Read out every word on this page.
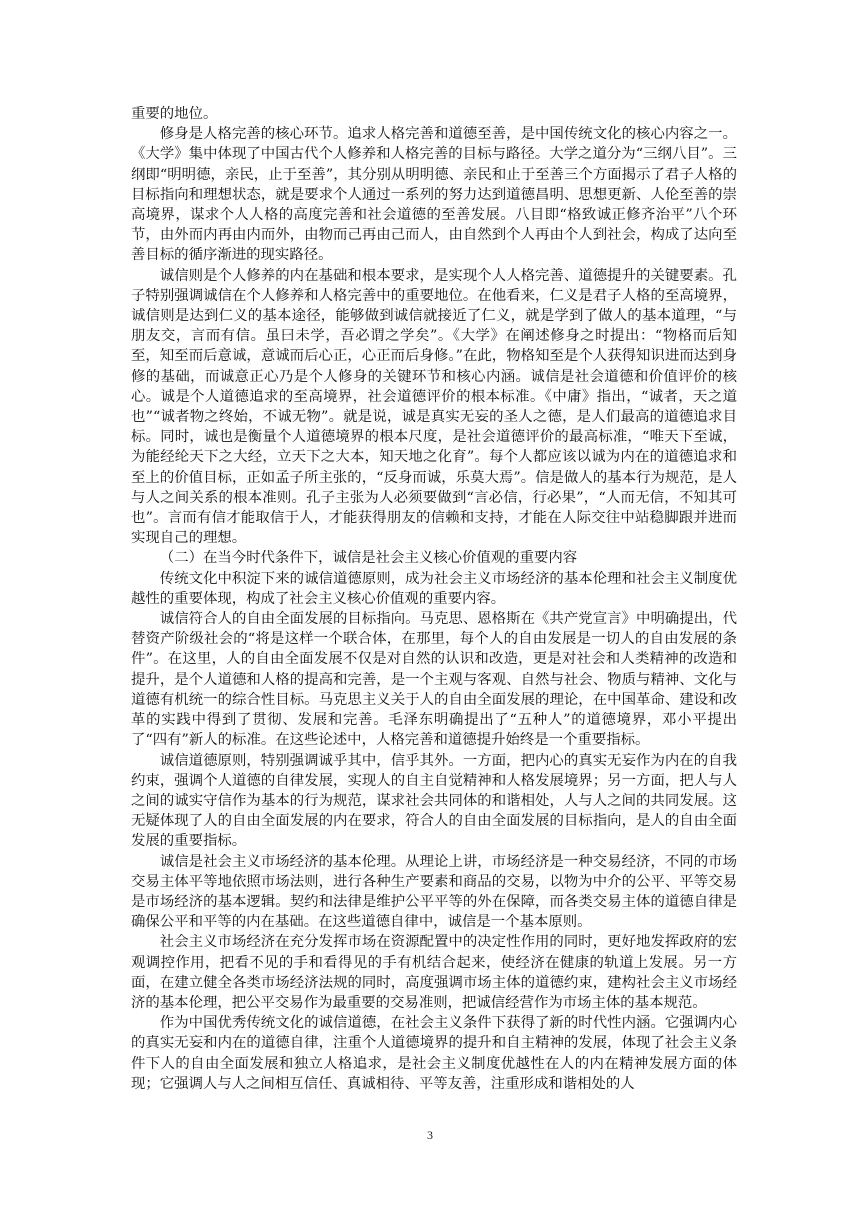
重要的地位。

修身是人格完善的核心环节。追求人格完善和道德至善，是中国传统文化的核心内容之一。《大学》集中体现了中国古代个人修养和人格完善的目标与路径。大学之道分为“三纲八目”。三纲即“明明德，亲民，止于至善”，其分别从明明德、亲民和止于至善三个方面揭示了君子人格的目标指向和理想状态，就是要求个人通过一系列的努力达到道德昌明、思想更新、人伦至善的崇高境界，谋求个人人格的高度完善和社会道德的至善发展。八目即“格致诚正修齐治平”八个环节，由外而内再由内而外，由物而己再由己而人，由自然到个人再由个人到社会，构成了达向至善目标的循序渐进的现实路径。

诚信则是个人修养的内在基础和根本要求，是实现个人人格完善、道德提升的关键要素。孔子特别强调诚信在个人修养和人格完善中的重要地位。在他看来，仁义是君子人格的至高境界，诚信则是达到仁义的基本途径，能够做到诚信就接近了仁义，就是学到了做人的基本道理，“与朋友交，言而有信。虽曰未学，吾必谓之学矣”。《大学》在阐述修身之时提出：“物格而后知至，知至而后意诚，意诚而后心正，心正而后身修。”在此，物格知至是个人获得知识进而达到身修的基础，而诚意正心乃是个人修身的关键环节和核心内涵。诚信是社会道德和价值评价的核心。诚是个人道德追求的至高境界，社会道德评价的根本标准。《中庸》指出，“诚者，天之道也”“诚者物之终始，不诚无物”。就是说，诚是真实无妄的圣人之德，是人们最高的道德追求目标。同时，诚也是衡量个人道德境界的根本尺度，是社会道德评价的最高标准，“唯天下至诚，为能经纶天下之大经，立天下之大本，知天地之化育”。每个人都应该以诚为内在的道德追求和至上的价值目标，正如孟子所主张的，“反身而诚，乐莫大焉”。信是做人的基本行为规范，是人与人之间关系的根本准则。孔子主张为人必须要做到“言必信，行必果”，“人而无信，不知其可也”。言而有信才能取信于人，才能获得朋友的信赖和支持，才能在人际交往中站稳脚跟并进而实现自己的理想。

（二）在当今时代条件下，诚信是社会主义核心价值观的重要内容

传统文化中积淀下来的诚信道德原则，成为社会主义市场经济的基本伦理和社会主义制度优越性的重要体现，构成了社会主义核心价值观的重要内容。

诚信符合人的自由全面发展的目标指向。马克思、恩格斯在《共产党宣言》中明确提出，代替资产阶级社会的“将是这样一个联合体，在那里，每个人的自由发展是一切人的自由发展的条件”。在这里，人的自由全面发展不仅是对自然的认识和改造，更是对社会和人类精神的改造和提升，是个人道德和人格的提高和完善，是一个主观与客观、自然与社会、物质与精神、文化与道德有机统一的综合性目标。马克思主义关于人的自由全面发展的理论，在中国革命、建设和改革的实践中得到了贯彻、发展和完善。毛泽东明确提出了“五种人”的道德境界，邓小平提出了“四有”新人的标准。在这些论述中，人格完善和道德提升始终是一个重要指标。

诚信道德原则，特别强调诚乎其中，信乎其外。一方面，把内心的真实无妄作为内在的自我约束，强调个人道德的自律发展，实现人的自主自觉精神和人格发展境界；另一方面，把人与人之间的诚实守信作为基本的行为规范，谋求社会共同体的和谐相处，人与人之间的共同发展。这无疑体现了人的自由全面发展的内在要求，符合人的自由全面发展的目标指向，是人的自由全面发展的重要指标。

诚信是社会主义市场经济的基本伦理。从理论上讲，市场经济是一种交易经济，不同的市场交易主体平等地依照市场法则，进行各种生产要素和商品的交易，以物为中介的公平、平等交易是市场经济的基本逻辑。契约和法律是维护公平平等的外在保障，而各类交易主体的道德自律是确保公平和平等的内在基础。在这些道德自律中，诚信是一个基本原则。

社会主义市场经济在充分发挥市场在资源配置中的决定性作用的同时，更好地发挥政府的宏观调控作用，把看不见的手和看得见的手有机结合起来，使经济在健康的轨道上发展。另一方面，在建立健全各类市场经济法规的同时，高度强调市场主体的道德约束，建构社会主义市场经济的基本伦理，把公平交易作为最重要的交易准则，把诚信经营作为市场主体的基本规范。

作为中国优秀传统文化的诚信道德，在社会主义条件下获得了新的时代性内涵。它强调内心的真实无妄和内在的道德自律，注重个人道德境界的提升和自主精神的发展，体现了社会主义条件下人的自由全面发展和独立人格追求，是社会主义制度优越性在人的内在精神发展方面的体现；它强调人与人之间相互信任、真诚相待、平等友善，注重形成和谐相处的人

3
